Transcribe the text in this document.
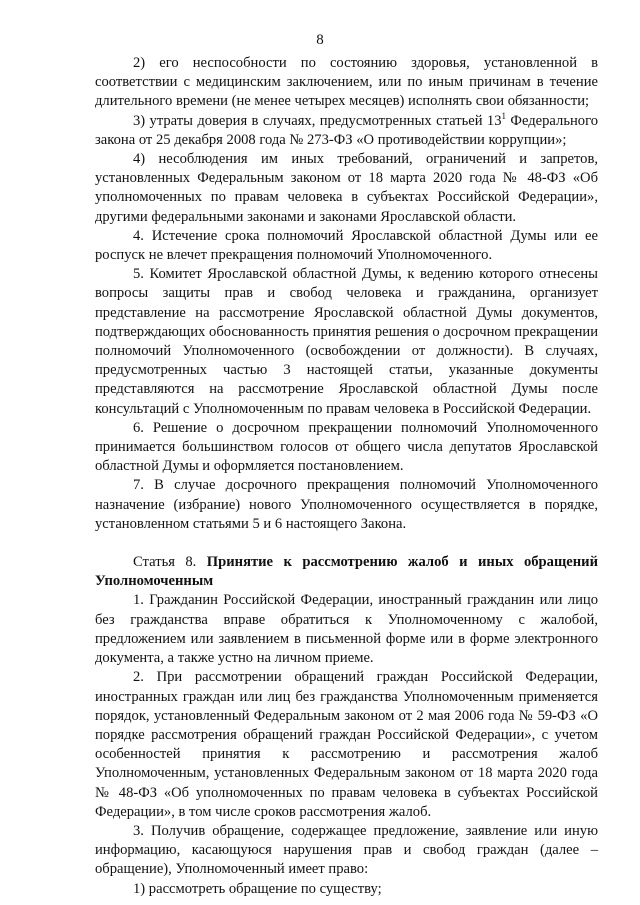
8

2) его неспособности по состоянию здоровья, установленной в соответствии с медицинским заключением, или по иным причинам в течение длительного времени (не менее четырех месяцев) исполнять свои обязанности;

3) утраты доверия в случаях, предусмотренных статьей $13^1$ Федерального закона от 25 декабря 2008 года № 273-ФЗ «О противодействии коррупции»;

4) несоблюдения им иных требований, ограничений и запретов, установленных Федеральным законом от 18 марта 2020 года № 48-ФЗ «Об уполномоченных по правам человека в субъектах Российской Федерации», другими федеральными законами и законами Ярославской области.

4. Истечение срока полномочий Ярославской областной Думы или ее роспуск не влечет прекращения полномочий Уполномоченного.

5. Комитет Ярославской областной Думы, к ведению которого отнесены вопросы защиты прав и свобод человека и гражданина, организует представление на рассмотрение Ярославской областной Думы документов, подтверждающих обоснованность принятия решения о досрочном прекращении полномочий Уполномоченного (освобождении от должности). В случаях, предусмотренных частью 3 настоящей статьи, указанные документы представляются на рассмотрение Ярославской областной Думы после консультаций с Уполномоченным по правам человека в Российской Федерации.

6. Решение о досрочном прекращении полномочий Уполномоченного принимается большинством голосов от общего числа депутатов Ярославской областной Думы и оформляется постановлением.

7. В случае досрочного прекращения полномочий Уполномоченного назначение (избрание) нового Уполномоченного осуществляется в порядке, установленном статьями 5 и 6 настоящего Закона.

Статья 8. Принятие к рассмотрению жалоб и иных обращений Уполномоченным

1. Гражданин Российской Федерации, иностранный гражданин или лицо без гражданства вправе обратиться к Уполномоченному с жалобой, предложением или заявлением в письменной форме или в форме электронного документа, а также устно на личном приеме.

2. При рассмотрении обращений граждан Российской Федерации, иностранных граждан или лиц без гражданства Уполномоченным применяется порядок, установленный Федеральным законом от 2 мая 2006 года № 59-ФЗ «О порядке рассмотрения обращений граждан Российской Федерации», с учетом особенностей принятия к рассмотрению и рассмотрения жалоб Уполномоченным, установленных Федеральным законом от 18 марта 2020 года № 48-ФЗ «Об уполномоченных по правам человека в субъектах Российской Федерации», в том числе сроков рассмотрения жалоб.

3. Получив обращение, содержащее предложение, заявление или иную информацию, касающуюся нарушения прав и свобод граждан (далее – обращение), Уполномоченный имеет право:

1) рассмотреть обращение по существу;
